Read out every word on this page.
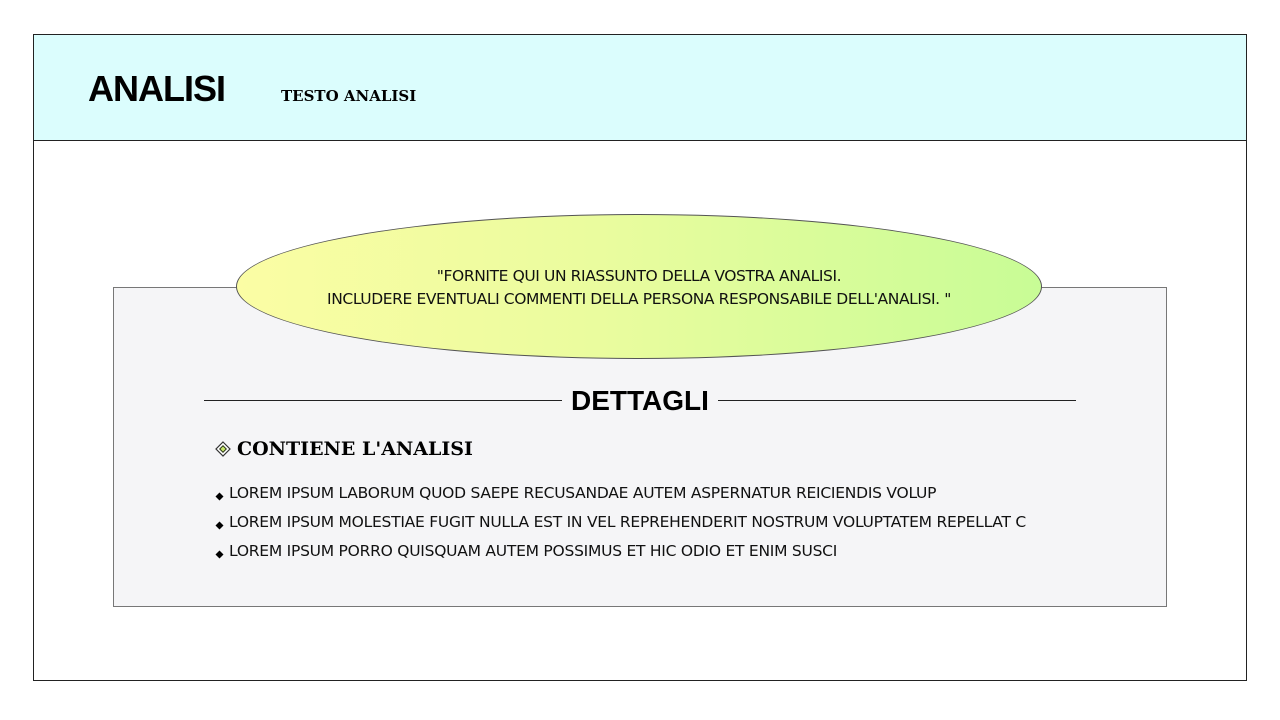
ANALISI	TESTO ANALISI
"FORNITE QUI UN RIASSUNTO DELLA VOSTRA ANALISI.
INCLUDERE EVENTUALI COMMENTI DELLA PERSONA RESPONSABILE DELL'ANALISI. "
DETTAGLI
CONTIENE L'ANALISI
LOREM IPSUM LABORUM QUOD SAEPE RECUSANDAE AUTEM ASPERNATUR REICIENDIS VOLUP
LOREM IPSUM MOLESTIAE FUGIT NULLA EST IN VEL REPREHENDERIT NOSTRUM VOLUPTATEM REPELLAT C
LOREM IPSUM PORRO QUISQUAM AUTEM POSSIMUS ET HIC ODIO ET ENIM SUSCI
